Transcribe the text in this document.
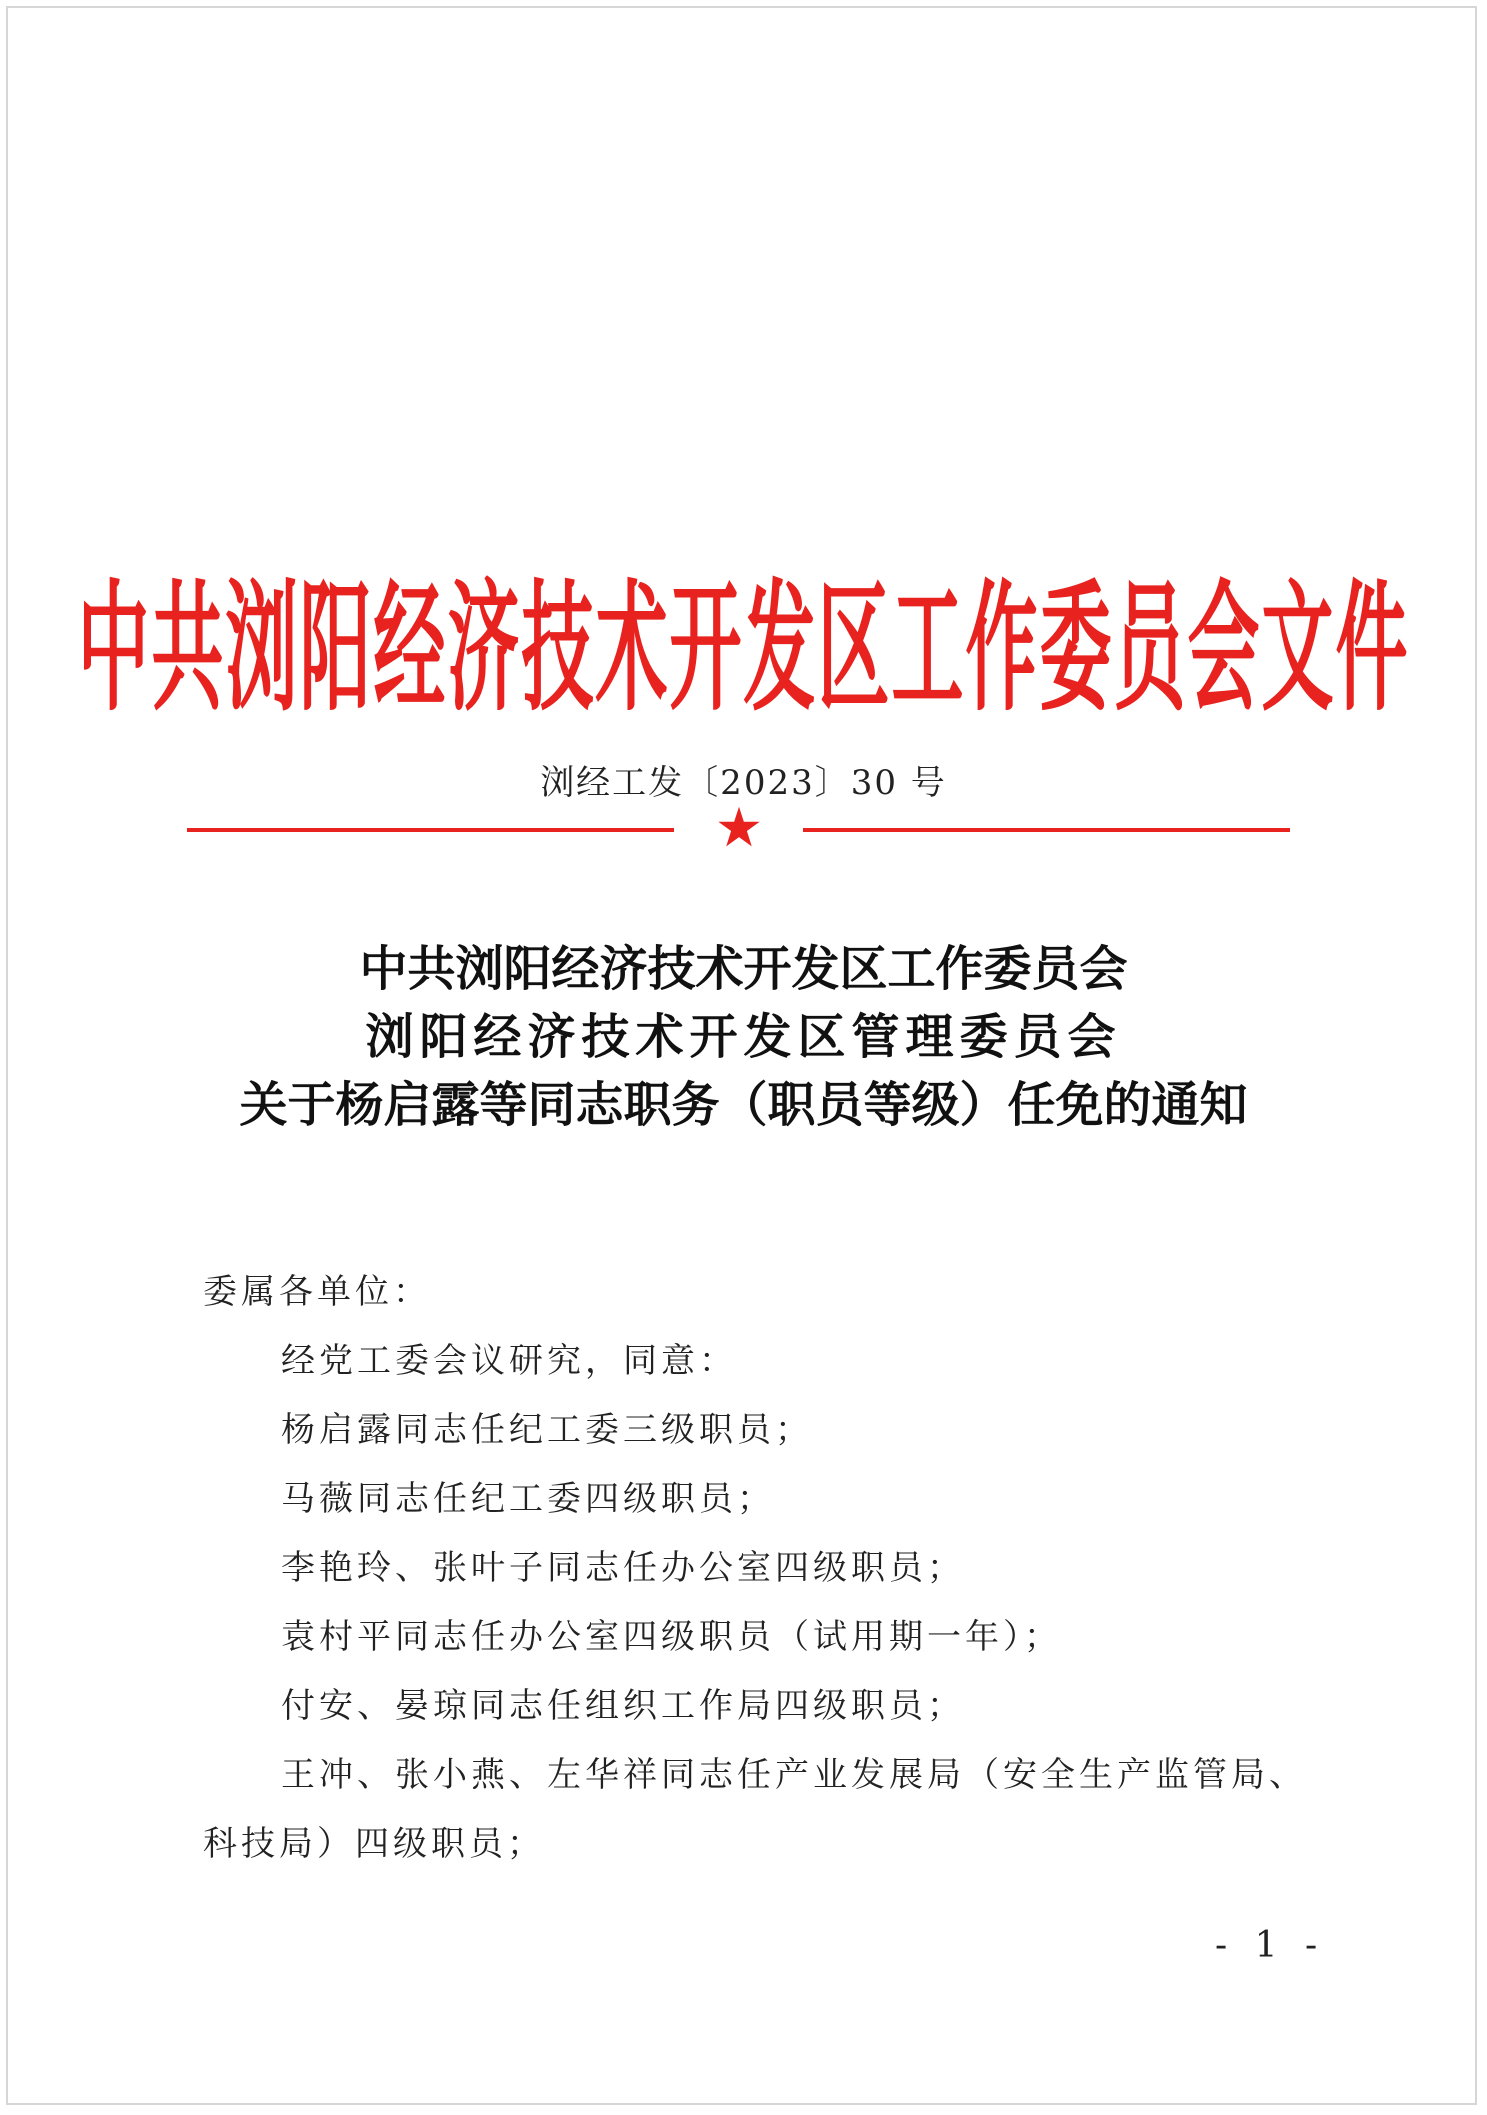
中共浏阳经济技术开发区工作委员会文件
浏经工发〔2023〕30 号
中共浏阳经济技术开发区工作委员会
浏阳经济技术开发区管理委员会
关于杨启露等同志职务（职员等级）任免的通知

委属各单位：

经党工委会议研究，同意：

杨启露同志任纪工委三级职员；

马薇同志任纪工委四级职员；

李艳玲、张叶子同志任办公室四级职员；

袁村平同志任办公室四级职员（试用期一年）；

付安、晏琼同志任组织工作局四级职员；

王冲、张小燕、左华祥同志任产业发展局（安全生产监管局、科技局）四级职员；

- 1 -
